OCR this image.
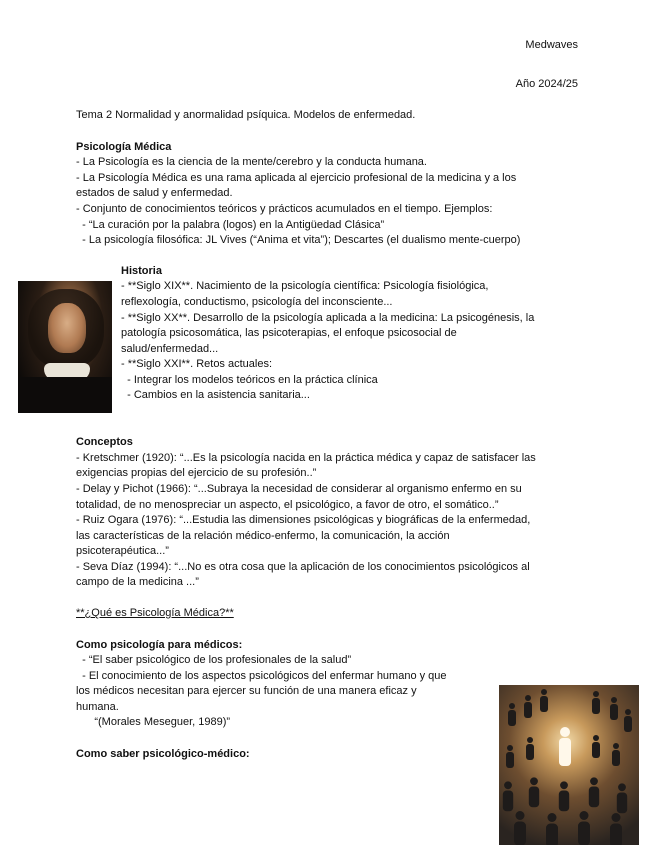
Medwaves
Año 2024/25
Tema 2 Normalidad y anormalidad psíquica. Modelos de enfermedad.
Psicología Médica
- La Psicología es la ciencia de la mente/cerebro y la conducta humana.
- La Psicología Médica es una rama aplicada al ejercicio profesional de la medicina y a los
estados de salud y enfermedad.
- Conjunto de conocimientos teóricos y prácticos acumulados en el tiempo. Ejemplos:
- “La curación por la palabra (logos) en la Antigüedad Clásica”
- La psicología filosófica: JL Vives (“Anima et vita”); Descartes (el dualismo mente-cuerpo)
Historia
- **Siglo XIX**. Nacimiento de la psicología científica: Psicología fisiológica,
reflexología, conductismo, psicología del inconsciente...
- **Siglo XX**. Desarrollo de la psicología aplicada a la medicina: La psicogénesis, la
patología psicosomática, las psicoterapias, el enfoque psicosocial de
salud/enfermedad...
- **Siglo XXI**. Retos actuales:
- Integrar los modelos teóricos en la práctica clínica
- Cambios en la asistencia sanitaria...
Conceptos
- Kretschmer (1920): “...Es la psicología nacida en la práctica médica y capaz de satisfacer las
exigencias propias del ejercicio de su profesión..”
- Delay y Pichot (1966): “...Subraya la necesidad de considerar al organismo enfermo en su
totalidad, de no menospreciar un aspecto, el psicológico, a favor de otro, el somático..”
- Ruiz Ogara (1976): “...Estudia las dimensiones psicológicas y biográficas de la enfermedad,
las características de la relación médico-enfermo, la comunicación, la acción
psicoterapéutica...”
- Seva Díaz (1994): “...No es otra cosa que la aplicación de los conocimientos psicológicos al
campo de la medicina ...”
**¿Qué es Psicología Médica?**
Como psicología para médicos:
- “El saber psicológico de los profesionales de la salud”
- El conocimiento de los aspectos psicológicos del enfermar humano y que
los médicos necesitan para ejercer su función de una manera eficaz y
humana.
“(Morales Meseguer, 1989)”
Como saber psicológico-médico:
